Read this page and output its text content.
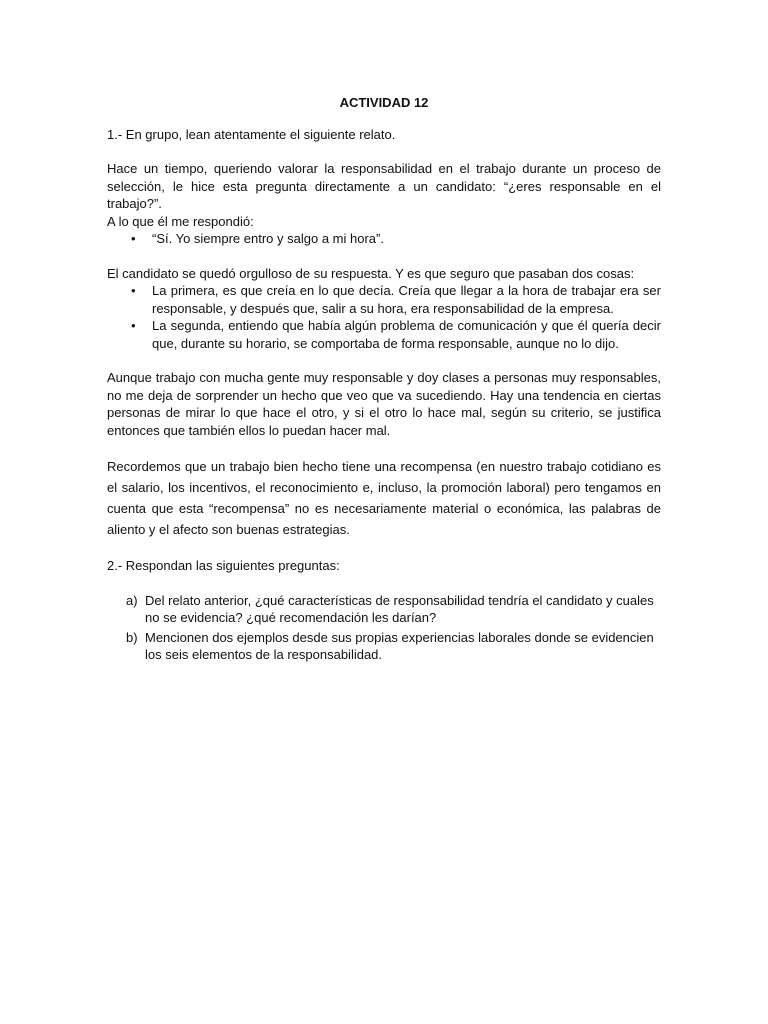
ACTIVIDAD 12

1.- En grupo, lean atentamente el siguiente relato.

Hace un tiempo, queriendo valorar la responsabilidad en el trabajo durante un proceso de selección, le hice esta pregunta directamente a un candidato: “¿eres responsable en el trabajo?”.

A lo que él me respondió:

• “Sí. Yo siempre entro y salgo a mi hora”.

El candidato se quedó orgulloso de su respuesta. Y es que seguro que pasaban dos cosas:

• La primera, es que creía en lo que decía. Creía que llegar a la hora de trabajar era ser responsable, y después que, salir a su hora, era responsabilidad de la empresa.
• La segunda, entiendo que había algún problema de comunicación y que él quería decir que, durante su horario, se comportaba de forma responsable, aunque no lo dijo.

Aunque trabajo con mucha gente muy responsable y doy clases a personas muy responsables, no me deja de sorprender un hecho que veo que va sucediendo. Hay una tendencia en ciertas personas de mirar lo que hace el otro, y si el otro lo hace mal, según su criterio, se justifica entonces que también ellos lo puedan hacer mal.

Recordemos que un trabajo bien hecho tiene una recompensa (en nuestro trabajo cotidiano es el salario, los incentivos, el reconocimiento e, incluso, la promoción laboral) pero tengamos en cuenta que esta “recompensa” no es necesariamente material o económica, las palabras de aliento y el afecto son buenas estrategias.

2.- Respondan las siguientes preguntas:

a) Del relato anterior, ¿qué características de responsabilidad tendría el candidato y cuales no se evidencia? ¿qué recomendación les darían?
b) Mencionen dos ejemplos desde sus propias experiencias laborales donde se evidencien los seis elementos de la responsabilidad.
